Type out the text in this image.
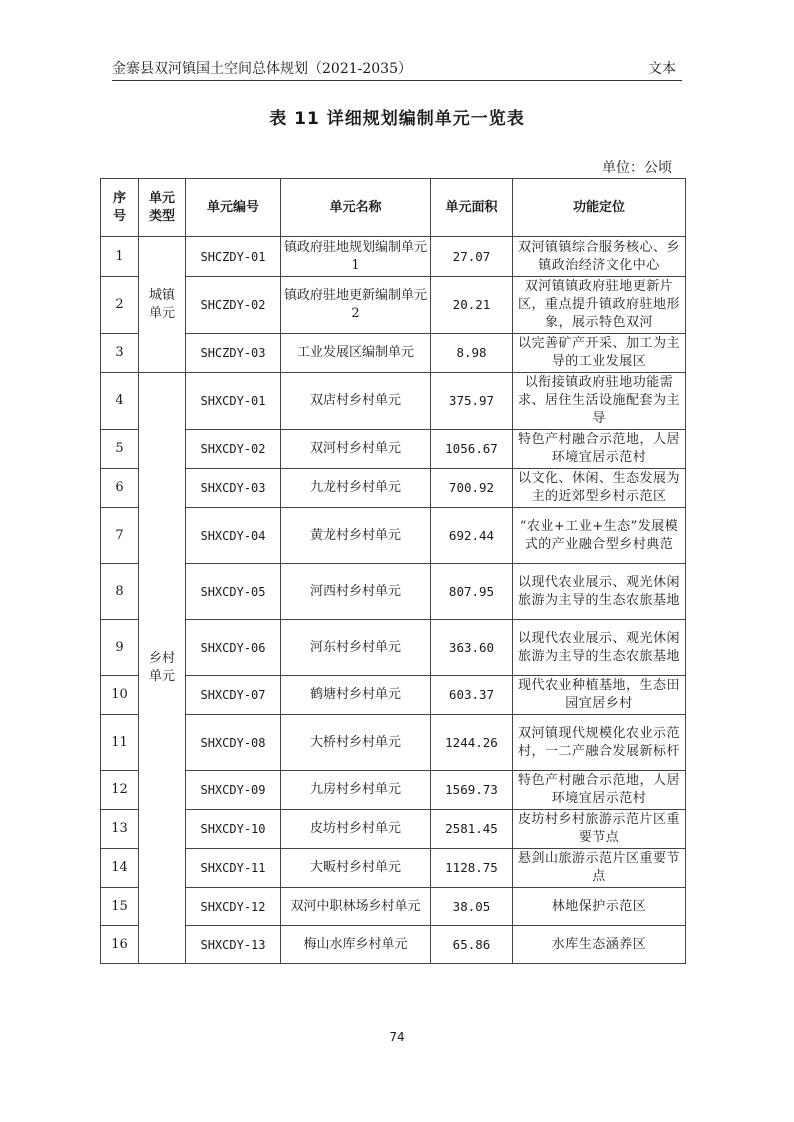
金寨县双河镇国土空间总体规划（2021-2035）	文本
表 11 详细规划编制单元一览表
单位：公顷
序号	单元类型	单元编号	单元名称	单元面积	功能定位
1	城镇单元	SHCZDY-01	镇政府驻地规划编制单元1	27.07	双河镇镇综合服务核心、乡镇政治经济文化中心
2		SHCZDY-02	镇政府驻地更新编制单元2	20.21	双河镇镇政府驻地更新片区，重点提升镇政府驻地形象，展示特色双河
3		SHCZDY-03	工业发展区编制单元	8.98	以完善矿产开采、加工为主导的工业发展区
4	乡村单元	SHXCDY-01	双店村乡村单元	375.97	以衔接镇政府驻地功能需求、居住生活设施配套为主导
5		SHXCDY-02	双河村乡村单元	1056.67	特色产村融合示范地，人居环境宜居示范村
6		SHXCDY-03	九龙村乡村单元	700.92	以文化、休闲、生态发展为主的近郊型乡村示范区
7		SHXCDY-04	黄龙村乡村单元	692.44	“农业+工业+生态”发展模式的产业融合型乡村典范
8		SHXCDY-05	河西村乡村单元	807.95	以现代农业展示、观光休闲旅游为主导的生态农旅基地
9		SHXCDY-06	河东村乡村单元	363.60	以现代农业展示、观光休闲旅游为主导的生态农旅基地
10		SHXCDY-07	鹤塘村乡村单元	603.37	现代农业种植基地，生态田园宜居乡村
11		SHXCDY-08	大桥村乡村单元	1244.26	双河镇现代规模化农业示范村，一二产融合发展新标杆
12		SHXCDY-09	九房村乡村单元	1569.73	特色产村融合示范地，人居环境宜居示范村
13		SHXCDY-10	皮坊村乡村单元	2581.45	皮坊村乡村旅游示范片区重要节点
14		SHXCDY-11	大畈村乡村单元	1128.75	悬剑山旅游示范片区重要节点
15		SHXCDY-12	双河中职林场乡村单元	38.05	林地保护示范区
16		SHXCDY-13	梅山水库乡村单元	65.86	水库生态涵养区
74
